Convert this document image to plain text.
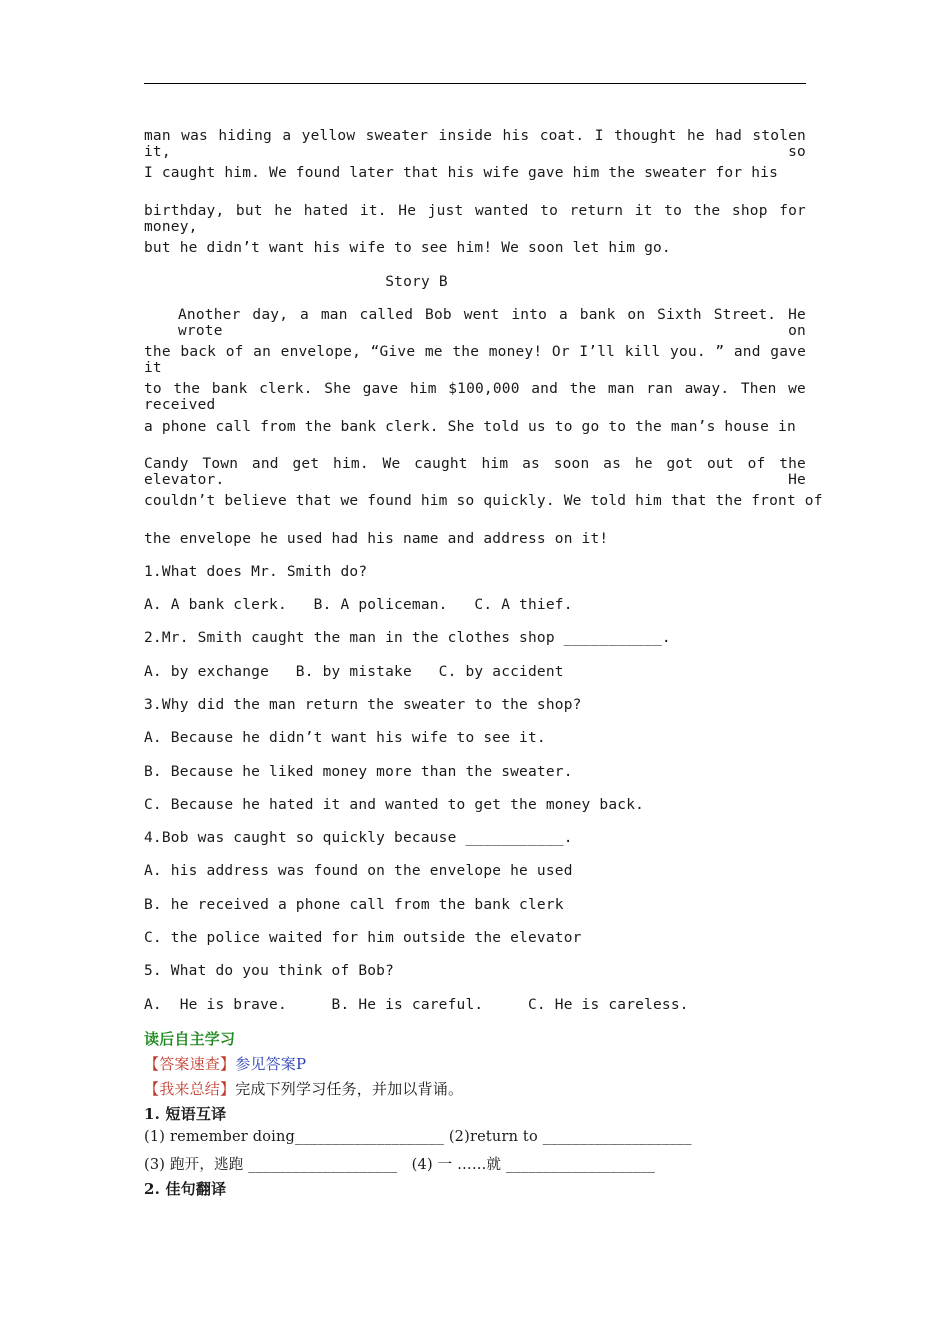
man was hiding a yellow sweater inside his coat. I thought he had stolen it, so
I caught him. We found later that his wife gave him the sweater for his
birthday, but he hated it. He just wanted to return it to the shop for money,
but he didn’t want his wife to see him! We soon let him go.
Story B
Another day, a man called Bob went into a bank on Sixth Street. He wrote on
the back of an envelope, “Give me the money! Or I’ll kill you. ” and gave it
to the bank clerk. She gave him $100,000 and the man ran away. Then we received
a phone call from the bank clerk. She told us to go to the man’s house in
Candy Town and get him. We caught him as soon as he got out of the elevator. He
couldn’t believe that we found him so quickly. We told him that the front of
the envelope he used had his name and address on it!
1.What does Mr. Smith do?
A. A bank clerk.   B. A policeman.   C. A thief.
2.Mr. Smith caught the man in the clothes shop ___________.
A. by exchange   B. by mistake   C. by accident
3.Why did the man return the sweater to the shop?
A. Because he didn’t want his wife to see it.
B. Because he liked money more than the sweater.
C. Because he hated it and wanted to get the money back.
4.Bob was caught so quickly because ___________.
A. his address was found on the envelope he used
B. he received a phone call from the bank clerk
C. the police waited for him outside the elevator
5. What do you think of Bob?
A.  He is brave.     B. He is careful.     C. He is careless.
读后自主学习
【答案速查】参见答案P
【我来总结】完成下列学习任务，并加以背诵。
1. 短语互译
(1) remember doing____________________ (2)return to ____________________
(3) 跑开，逃跑 ____________________   (4) 一 ……就 ____________________
2. 佳句翻译
